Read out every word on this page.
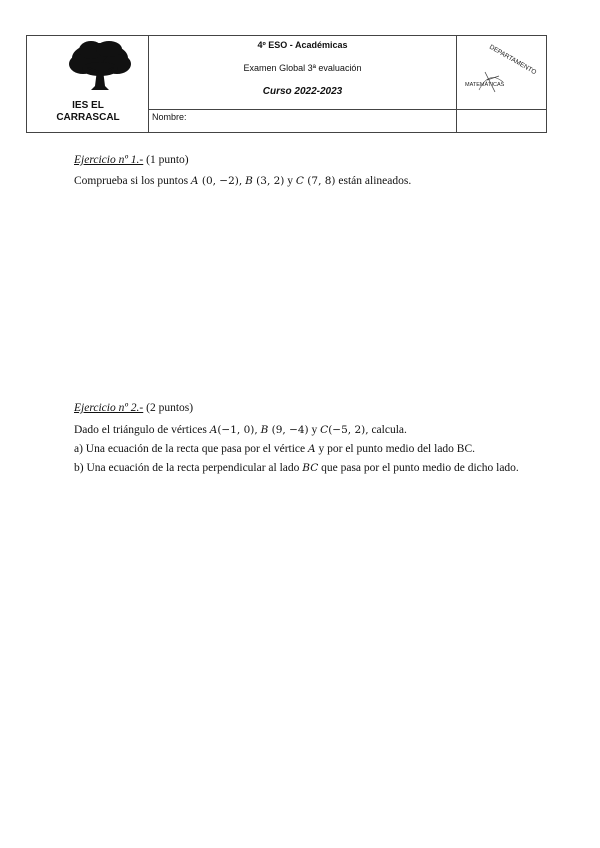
IES EL
CARRASCAL
4º ESO - Académicas
Examen Global 3ª evaluación
Curso 2022-2023
Nombre:
DEPARTAMENTO
MATEMÁTICAS
Ejercicio nº 1.- (1 punto)
Comprueba si los puntos A (0, −2), B (3, 2) y C (7, 8) están alineados.
Ejercicio nº 2.- (2 puntos)
Dado el triángulo de vértices A(−1, 0), B (9, −4) y C(−5, 2), calcula.
a) Una ecuación de la recta que pasa por el vértice A y por el punto medio del lado BC.
b) Una ecuación de la recta perpendicular al lado BC que pasa por el punto medio de dicho lado.
